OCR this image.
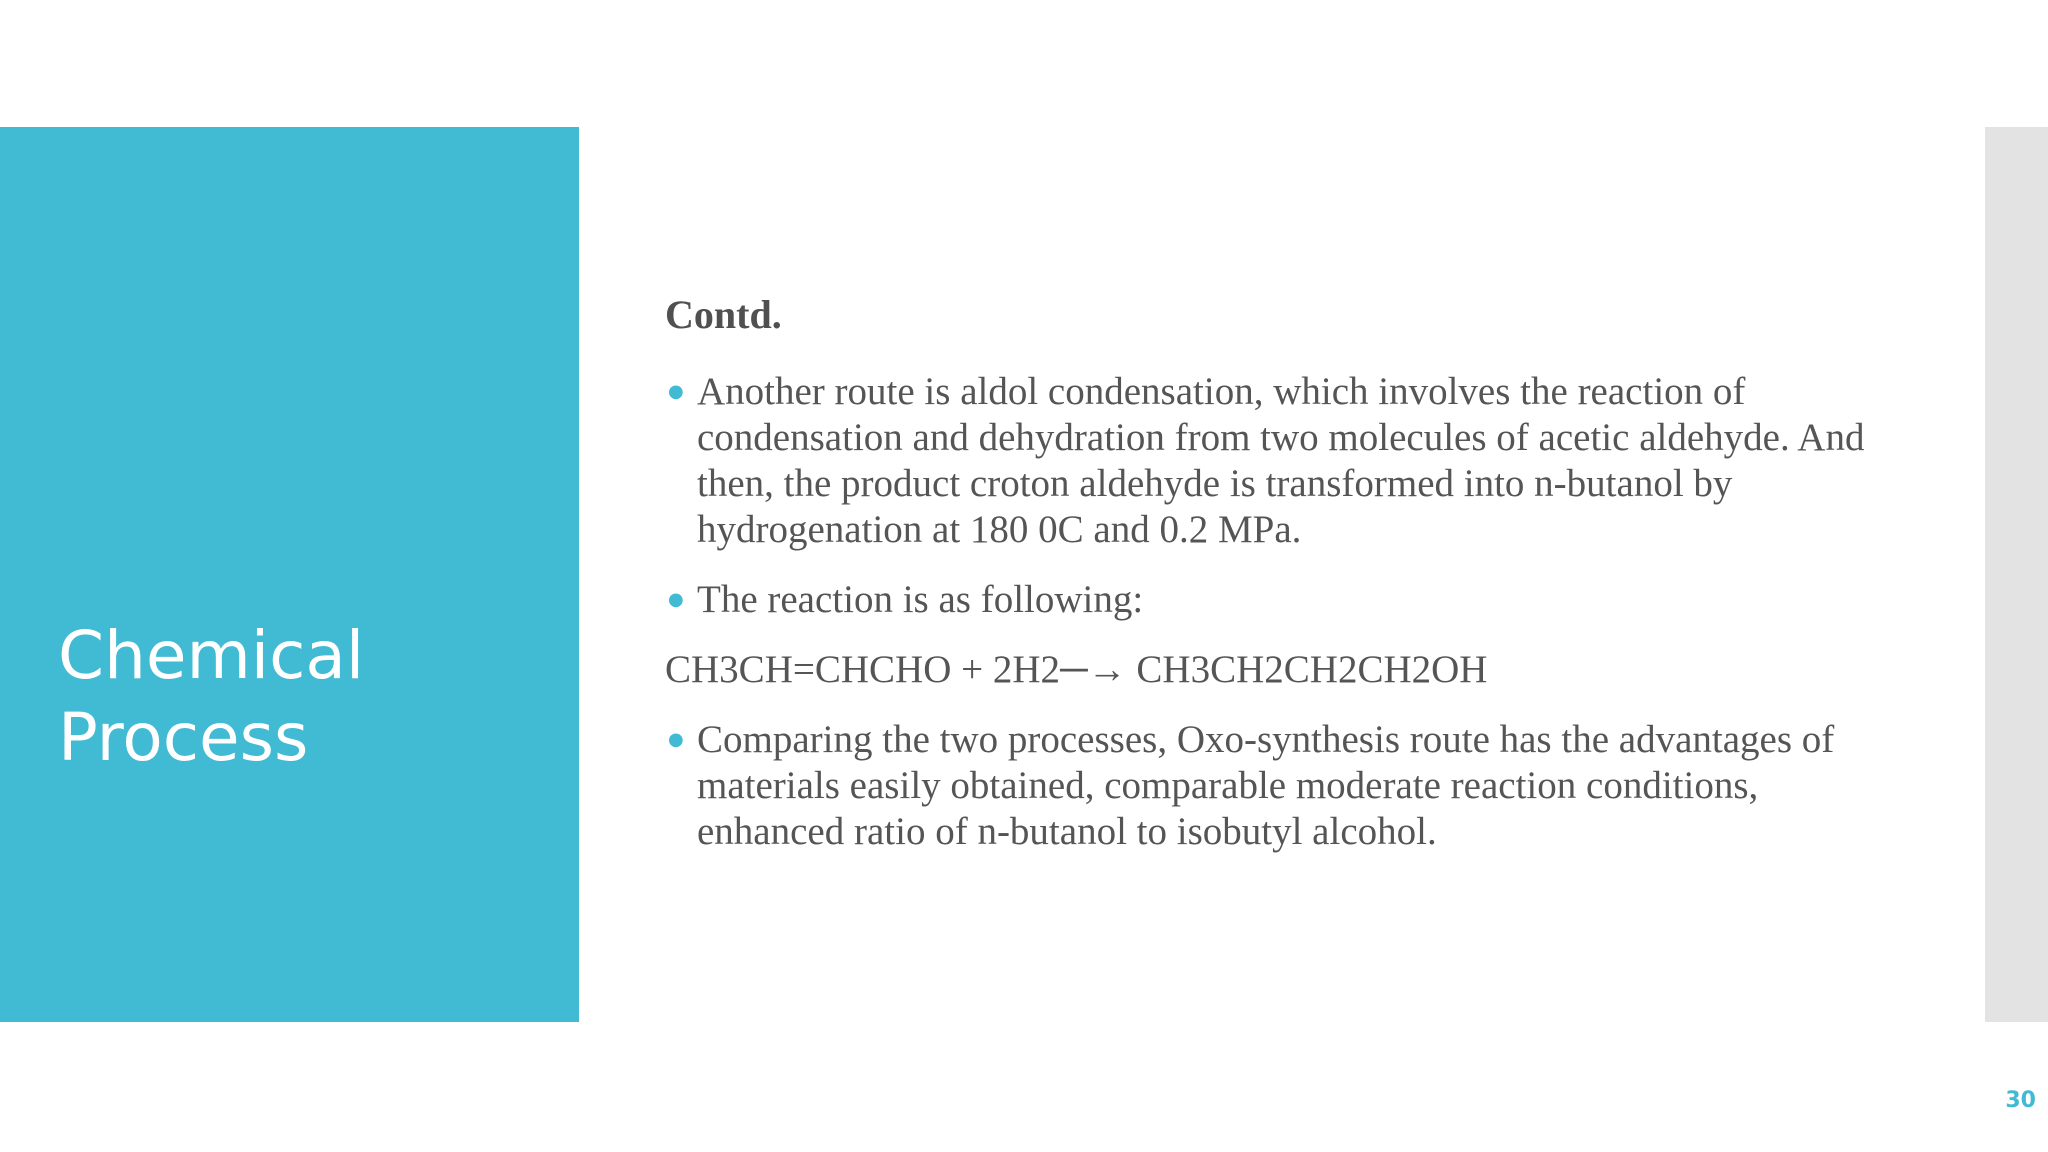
Chemical
Process

Contd.

● Another route is aldol condensation, which involves the reaction of condensation and dehydration from two molecules of acetic aldehyde. And then, the product croton aldehyde is transformed into n-butanol by hydrogenation at 180 0C and 0.2 MPa.
● The reaction is as following:

CH3CH=CHCHO + 2H2─→ CH3CH2CH2CH2OH

● Comparing the two processes, Oxo-synthesis route has the advantages of materials easily obtained, comparable moderate reaction conditions, enhanced ratio of n-butanol to isobutyl alcohol.
30
